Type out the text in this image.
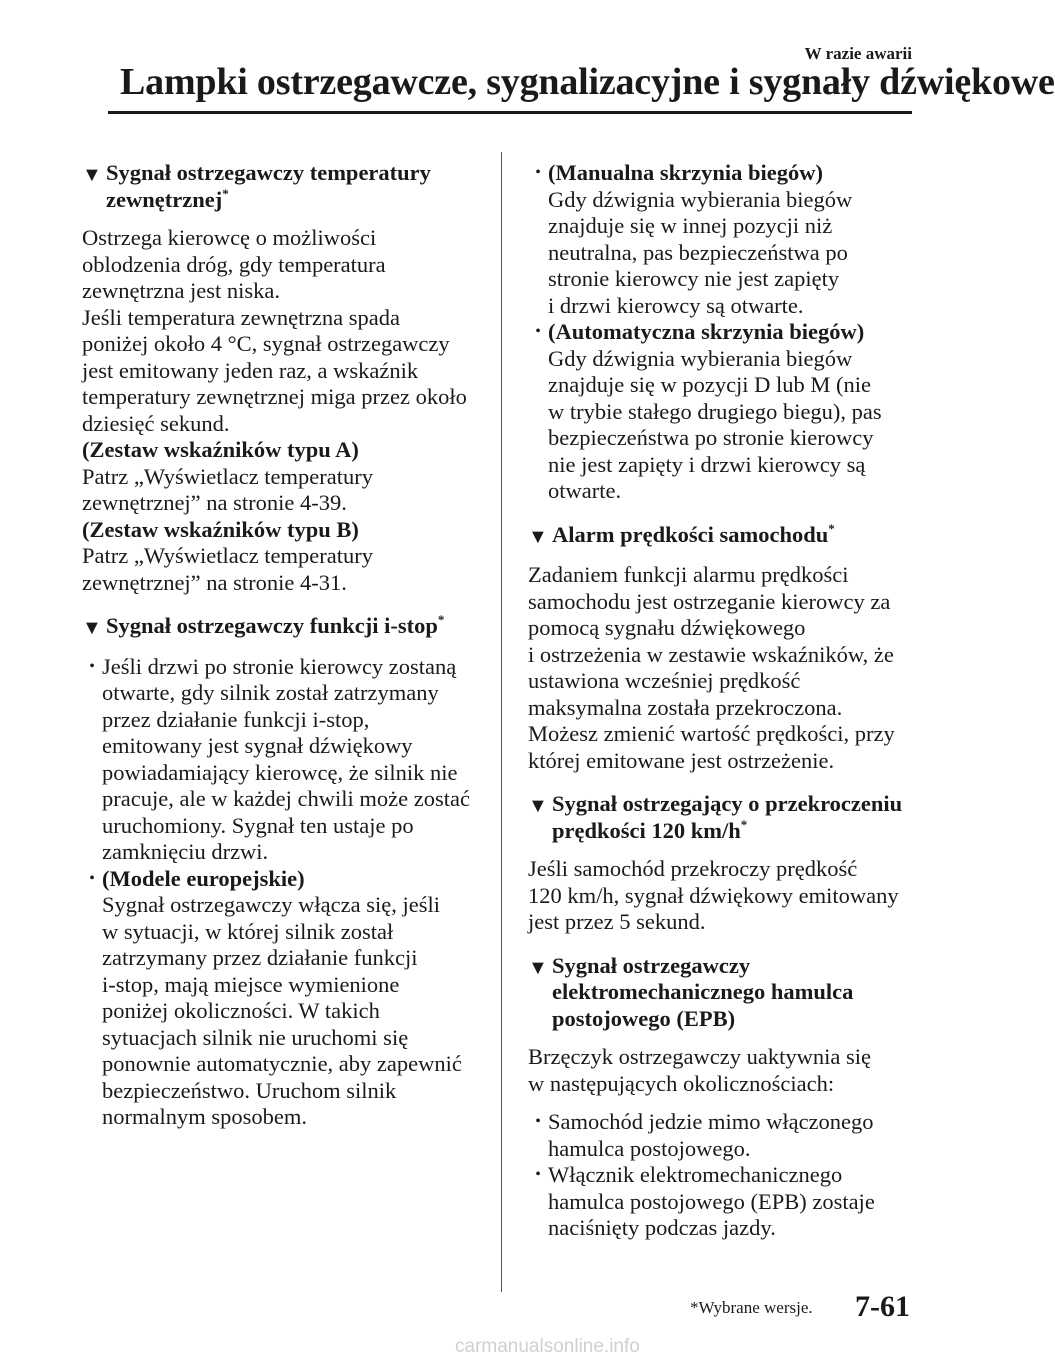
W razie awarii
Lampki ostrzegawcze, sygnalizacyjne i sygnały dźwiękowe
▼ Sygnał ostrzegawczy temperatury
zewnętrznej*

Ostrzega kierowcę o możliwości
oblodzenia dróg, gdy temperatura
zewnętrzna jest niska.
Jeśli temperatura zewnętrzna spada
poniżej około 4 °C, sygnał ostrzegawczy
jest emitowany jeden raz, a wskaźnik
temperatury zewnętrznej miga przez około
dziesięć sekund.

(Zestaw wskaźników typu A)

Patrz „Wyświetlacz temperatury
zewnętrznej” na stronie 4-39.

(Zestaw wskaźników typu B)

Patrz „Wyświetlacz temperatury
zewnętrznej” na stronie 4-31.

▼ Sygnał ostrzegawczy funkcji i-stop*
• Jeśli drzwi po stronie kierowcy zostaną
otwarte, gdy silnik został zatrzymany
przez działanie funkcji i-stop,
emitowany jest sygnał dźwiękowy
powiadamiający kierowcę, że silnik nie
pracuje, ale w każdej chwili może zostać
uruchomiony. Sygnał ten ustaje po
zamknięciu drzwi.
• (Modele europejskie)

Sygnał ostrzegawczy włącza się, jeśli
w sytuacji, w której silnik został
zatrzymany przez działanie funkcji
i-stop, mają miejsce wymienione
poniżej okoliczności. W takich
sytuacjach silnik nie uruchomi się
ponownie automatycznie, aby zapewnić
bezpieczeństwo. Uruchom silnik
normalnym sposobem.

• (Manualna skrzynia biegów)

Gdy dźwignia wybierania biegów
znajduje się w innej pozycji niż
neutralna, pas bezpieczeństwa po
stronie kierowcy nie jest zapięty
i drzwi kierowcy są otwarte.

• (Automatyczna skrzynia biegów)

Gdy dźwignia wybierania biegów
znajduje się w pozycji D lub M (nie
w trybie stałego drugiego biegu), pas
bezpieczeństwa po stronie kierowcy
nie jest zapięty i drzwi kierowcy są
otwarte.

▼ Alarm prędkości samochodu*

Zadaniem funkcji alarmu prędkości
samochodu jest ostrzeganie kierowcy za
pomocą sygnału dźwiękowego
i ostrzeżenia w zestawie wskaźników, że
ustawiona wcześniej prędkość
maksymalna została przekroczona.
Możesz zmienić wartość prędkości, przy
której emitowane jest ostrzeżenie.

▼ Sygnał ostrzegający o przekroczeniu
prędkości 120 km/h*

Jeśli samochód przekroczy prędkość
120 km/h, sygnał dźwiękowy emitowany
jest przez 5 sekund.

▼ Sygnał ostrzegawczy
elektromechanicznego hamulca
postojowego (EPB)

Brzęczyk ostrzegawczy uaktywnia się
w następujących okolicznościach:

• Samochód jedzie mimo włączonego
hamulca postojowego.
• Włącznik elektromechanicznego
hamulca postojowego (EPB) zostaje
naciśnięty podczas jazdy.
*Wybrane wersje. 7-61
carmanualsonline.info
